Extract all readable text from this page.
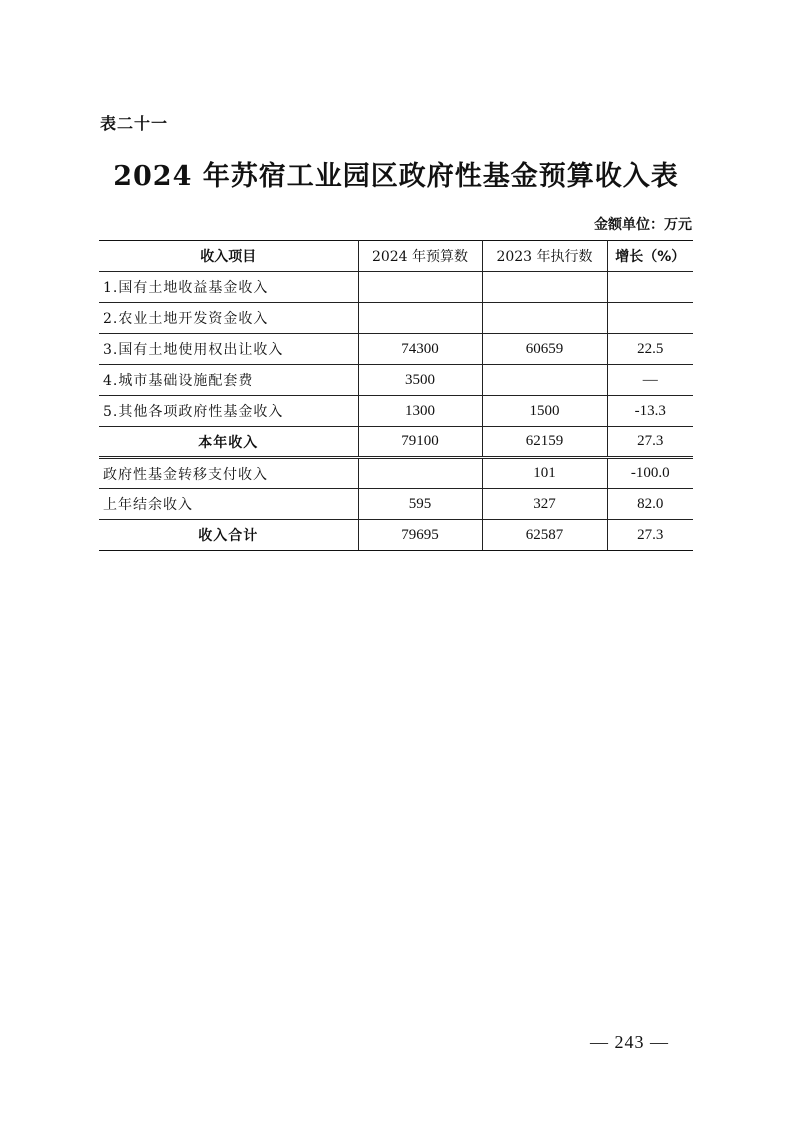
表二十一
2024 年苏宿工业园区政府性基金预算收入表
金额单位：万元
收入项目	2024 年预算数	2023 年执行数	增长（%）
1.国有土地收益基金收入			
2.农业土地开发资金收入			
3.国有土地使用权出让收入	74300	60659	22.5
4.城市基础设施配套费	3500		—
5.其他各项政府性基金收入	1300	1500	-13.3
本年收入	79100	62159	27.3
政府性基金转移支付收入		101	-100.0
上年结余收入	595	327	82.0
收入合计	79695	62587	27.3
— 243 —
